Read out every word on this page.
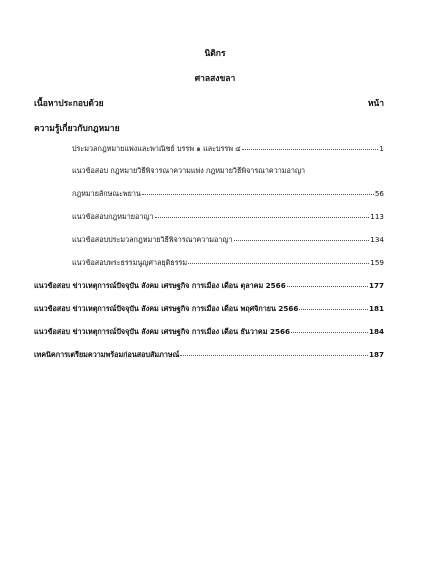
นิติกร
ศาลสงขลา
เนื้อหาประกอบด้วย	หน้า
ความรู้เกี่ยวกับกฎหมาย
ประมวลกฎหมายแพ่งและพาณิชย์ บรรพ ๑ และบรรพ ๔	1
แนวข้อสอบ กฎหมายวิธีพิจารณาความแพ่ง กฎหมายวิธีพิจารณาความอาญา
กฎหมายลักษณะพยาน	56
แนวข้อสอบกฎหมายอาญา	113
แนวข้อสอบประมวลกฎหมายวิธีพิจารณาความอาญา	134
แนวข้อสอบพระธรรมนูญศาลยุติธรรม	159
แนวข้อสอบ ข่าวเหตุการณ์ปัจจุบัน สังคม เศรษฐกิจ การเมือง เดือน ตุลาคม 2566	177
แนวข้อสอบ ข่าวเหตุการณ์ปัจจุบัน สังคม เศรษฐกิจ การเมือง เดือน พฤศจิกายน 2566	181
แนวข้อสอบ ข่าวเหตุการณ์ปัจจุบัน สังคม เศรษฐกิจ การเมือง เดือน ธันวาคม 2566	184
เทคนิคการเตรียมความพร้อมก่อนสอบสัมภาษณ์	187
